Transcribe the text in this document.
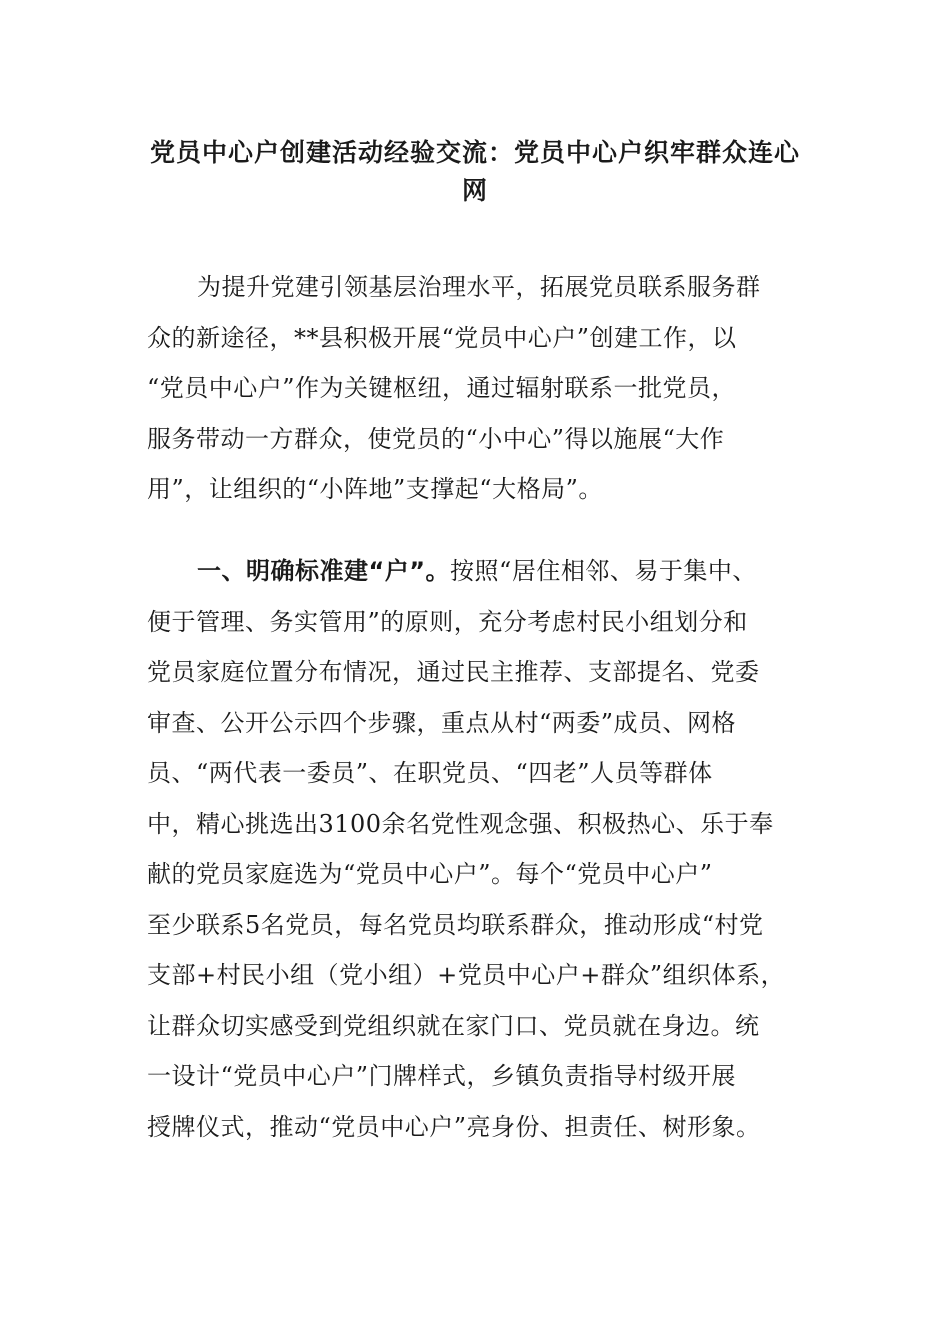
党员中心户创建活动经验交流：党员中心户织牢群众连心
网
为提升党建引领基层治理水平，拓展党员联系服务群
众的新途径，**县积极开展“党员中心户”创建工作，以
“党员中心户”作为关键枢纽，通过辐射联系一批党员，
服务带动一方群众，使党员的“小中心”得以施展“大作
用”，让组织的“小阵地”支撑起“大格局”。
一、明确标准建“户”。按照“居住相邻、易于集中、
便于管理、务实管用”的原则，充分考虑村民小组划分和
党员家庭位置分布情况，通过民主推荐、支部提名、党委
审查、公开公示四个步骤，重点从村“两委”成员、网格
员、“两代表一委员”、在职党员、“四老”人员等群体
中，精心挑选出3100余名党性观念强、积极热心、乐于奉
献的党员家庭选为“党员中心户”。每个“党员中心户”
至少联系5名党员，每名党员均联系群众，推动形成“村党
支部+村民小组（党小组）+党员中心户+群众”组织体系，
让群众切实感受到党组织就在家门口、党员就在身边。统
一设计“党员中心户”门牌样式，乡镇负责指导村级开展
授牌仪式，推动“党员中心户”亮身份、担责任、树形象。
